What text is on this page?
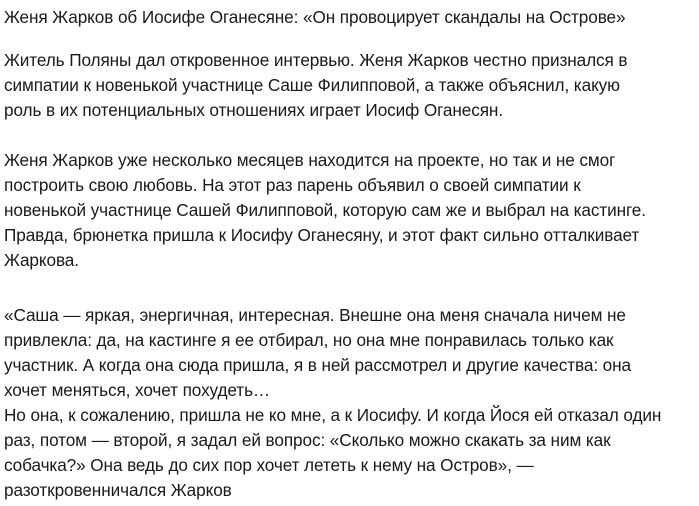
Женя Жарков об Иосифе Оганесяне: «Он провоцирует скандалы на Острове»

Житель Поляны дал откровенное интервью. Женя Жарков честно признался в
симпатии к новенькой участнице Саше Филипповой, а также объяснил, какую
роль в их потенциальных отношениях играет Иосиф Оганесян.

Женя Жарков уже несколько месяцев находится на проекте, но так и не смог
построить свою любовь. На этот раз парень объявил о своей симпатии к
новенькой участнице Сашей Филипповой, которую сам же и выбрал на кастинге.
Правда, брюнетка пришла к Иосифу Оганесяну, и этот факт сильно отталкивает
Жаркова.

«Саша — яркая, энергичная, интересная. Внешне она меня сначала ничем не
привлекла: да, на кастинге я ее отбирал, но она мне понравилась только как
участник. А когда она сюда пришла, я в ней рассмотрел и другие качества: она
хочет меняться, хочет похудеть…
Но она, к сожалению, пришла не ко мне, а к Иосифу. И когда Йося ей отказал один
раз, потом — второй, я задал ей вопрос: «Сколько можно скакать за ним как
собачка?» Она ведь до сих пор хочет лететь к нему на Остров», —
разоткровенничался Жарков
